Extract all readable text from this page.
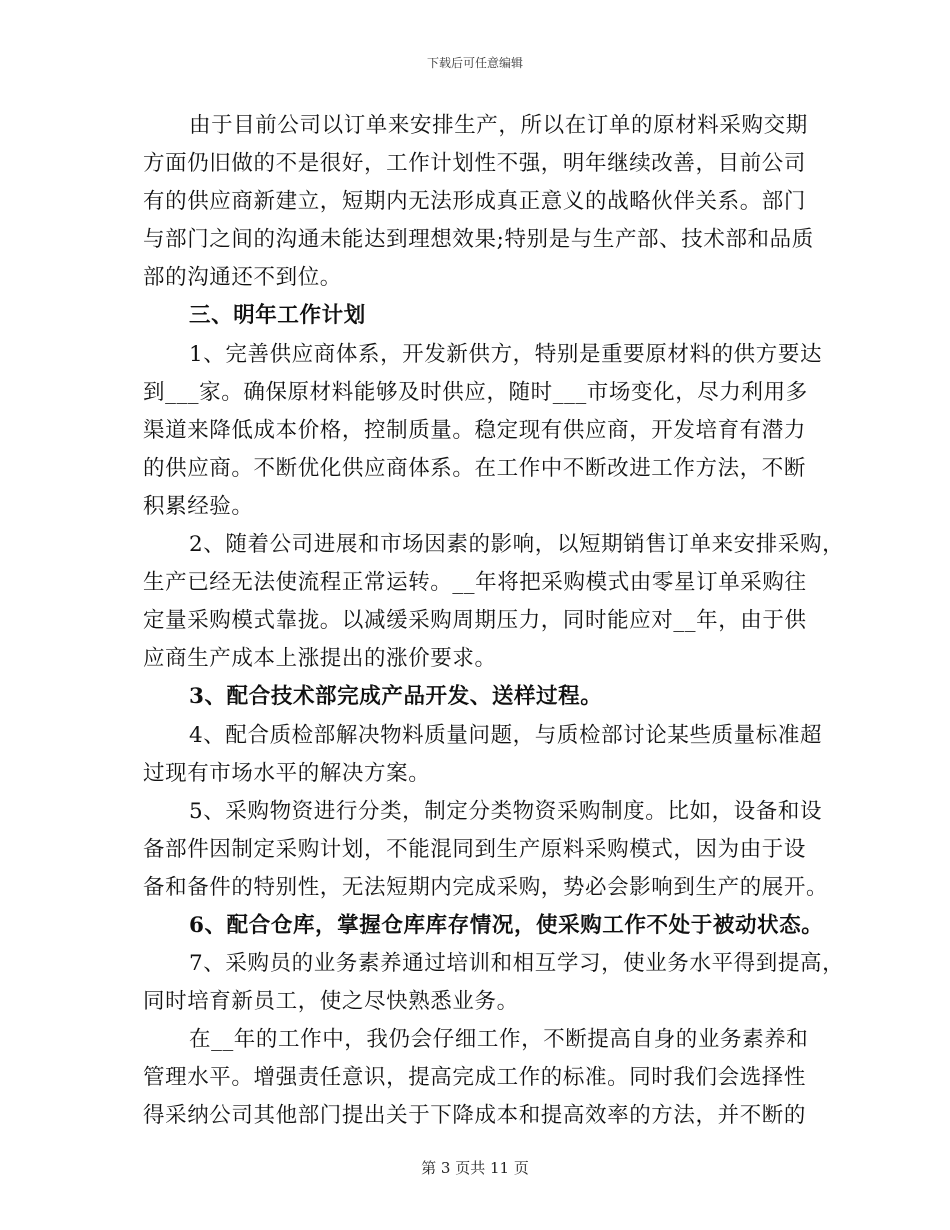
下载后可任意编辑
由于目前公司以订单来安排生产，所以在订单的原材料采购交期
方面仍旧做的不是很好，工作计划性不强，明年继续改善，目前公司
有的供应商新建立，短期内无法形成真正意义的战略伙伴关系。部门
与部门之间的沟通未能达到理想效果;特别是与生产部、技术部和品质
部的沟通还不到位。
三、明年工作计划
1、完善供应商体系，开发新供方，特别是重要原材料的供方要达
到___家。确保原材料能够及时供应，随时___市场变化，尽力利用多
渠道来降低成本价格，控制质量。稳定现有供应商，开发培育有潜力
的供应商。不断优化供应商体系。在工作中不断改进工作方法，不断
积累经验。
2、随着公司进展和市场因素的影响，以短期销售订单来安排采购，
生产已经无法使流程正常运转。__年将把采购模式由零星订单采购往
定量采购模式靠拢。以减缓采购周期压力，同时能应对__年，由于供
应商生产成本上涨提出的涨价要求。
3、配合技术部完成产品开发、送样过程。
4、配合质检部解决物料质量问题，与质检部讨论某些质量标准超
过现有市场水平的解决方案。
5、采购物资进行分类，制定分类物资采购制度。比如，设备和设
备部件因制定采购计划，不能混同到生产原料采购模式，因为由于设
备和备件的特别性，无法短期内完成采购，势必会影响到生产的展开。
6、配合仓库，掌握仓库库存情况，使采购工作不处于被动状态。
7、采购员的业务素养通过培训和相互学习，使业务水平得到提高，
同时培育新员工，使之尽快熟悉业务。
在__年的工作中，我仍会仔细工作，不断提高自身的业务素养和
管理水平。增强责任意识，提高完成工作的标准。同时我们会选择性
得采纳公司其他部门提出关于下降成本和提高效率的方法，并不断的
第 3 页共 11 页
